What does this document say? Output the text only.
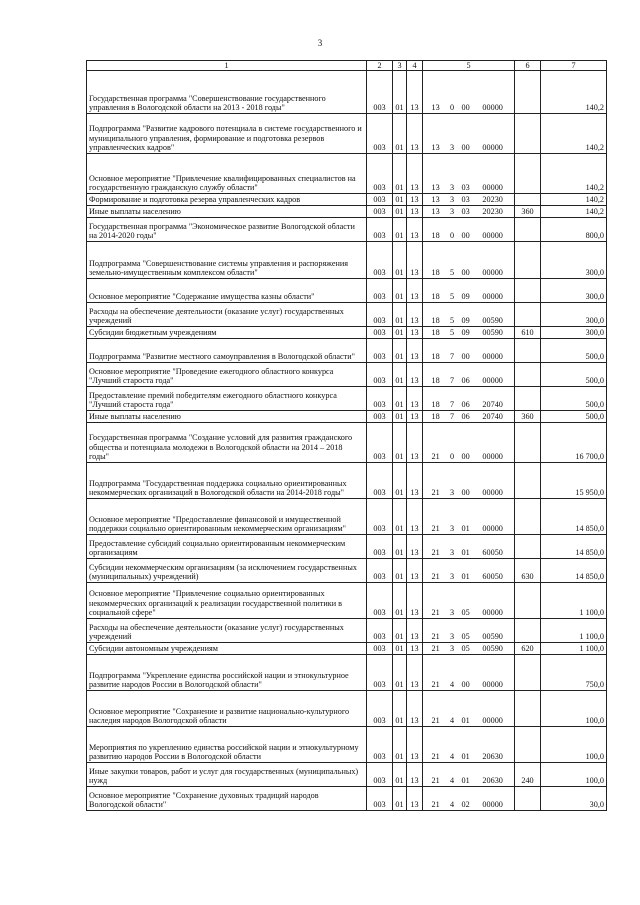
3
1	2	3	4	5	6	7
Государственная программа "Совершенствование государственного управления в Вологодской области на 2013 - 2018 годы"	003	01	13	13 0 00 00000		140,2
Подпрограмма "Развитие кадрового потенциала в системе государственного и муниципального управления, формирование и подготовка резервов управленческих кадров"	003	01	13	13 3 00 00000		140,2
Основное мероприятие "Привлечение квалифицированных специалистов на государственную гражданскую службу области"	003	01	13	13 3 03 00000		140,2
Формирование и подготовка резерва управленческих кадров	003	01	13	13 3 03 20230		140,2
Иные выплаты населению	003	01	13	13 3 03 20230	360	140,2
Государственная программа "Экономическое развитие Вологодской области на 2014-2020 годы"	003	01	13	18 0 00 00000		800,0
Подпрограмма "Совершенствование системы управления и распоряжения земельно-имущественным комплексом области"	003	01	13	18 5 00 00000		300,0
Основное мероприятие "Содержание имущества казны области"	003	01	13	18 5 09 00000		300,0
Расходы на обеспечение деятельности (оказание услуг) государственных учреждений	003	01	13	18 5 09 00590		300,0
Субсидии бюджетным учреждениям	003	01	13	18 5 09 00590	610	300,0
Подпрограмма "Развитие местного самоуправления в Вологодской области"	003	01	13	18 7 00 00000		500,0
Основное мероприятие "Проведение ежегодного областного конкурса "Лучший староста года"	003	01	13	18 7 06 00000		500,0
Предоставление премий победителям ежегодного областного конкурса "Лучший староста года"	003	01	13	18 7 06 20740		500,0
Иные выплаты населению	003	01	13	18 7 06 20740	360	500,0
Государственная программа "Создание условий для развития гражданского общества и потенциала молодежи в Вологодской области на 2014 – 2018 годы"	003	01	13	21 0 00 00000		16 700,0
Подпрограмма "Государственная поддержка социально ориентированных некоммерческих организаций в Вологодской области на 2014-2018 годы"	003	01	13	21 3 00 00000		15 950,0
Основное мероприятие "Предоставление финансовой и имущественной поддержки социально ориентированным некоммерческим организациям"	003	01	13	21 3 01 00000		14 850,0
Предоставление субсидий социально ориентированным некоммерческим организациям	003	01	13	21 3 01 60050		14 850,0
Субсидии некоммерческим организациям (за исключением государственных (муниципальных) учреждений)	003	01	13	21 3 01 60050	630	14 850,0
Основное мероприятие "Привлечение социально ориентированных некоммерческих организаций к реализации государственной политики в социальной сфере"	003	01	13	21 3 05 00000		1 100,0
Расходы на обеспечение деятельности (оказание услуг) государственных учреждений	003	01	13	21 3 05 00590		1 100,0
Субсидии автономным учреждениям	003	01	13	21 3 05 00590	620	1 100,0
Подпрограмма "Укрепление единства российской нации и этнокультурное развитие народов России в Вологодской области"	003	01	13	21 4 00 00000		750,0
Основное мероприятие "Сохранение и развитие национально-культурного наследия народов Вологодской области	003	01	13	21 4 01 00000		100,0
Мероприятия по укреплению единства российской нации и этнокультурному развитию народов России в Вологодской области	003	01	13	21 4 01 20630		100,0
Иные закупки товаров, работ и услуг для государственных (муниципальных) нужд	003	01	13	21 4 01 20630	240	100,0
Основное мероприятие "Сохранение духовных традиций народов Вологодской области"	003	01	13	21 4 02 00000		30,0
